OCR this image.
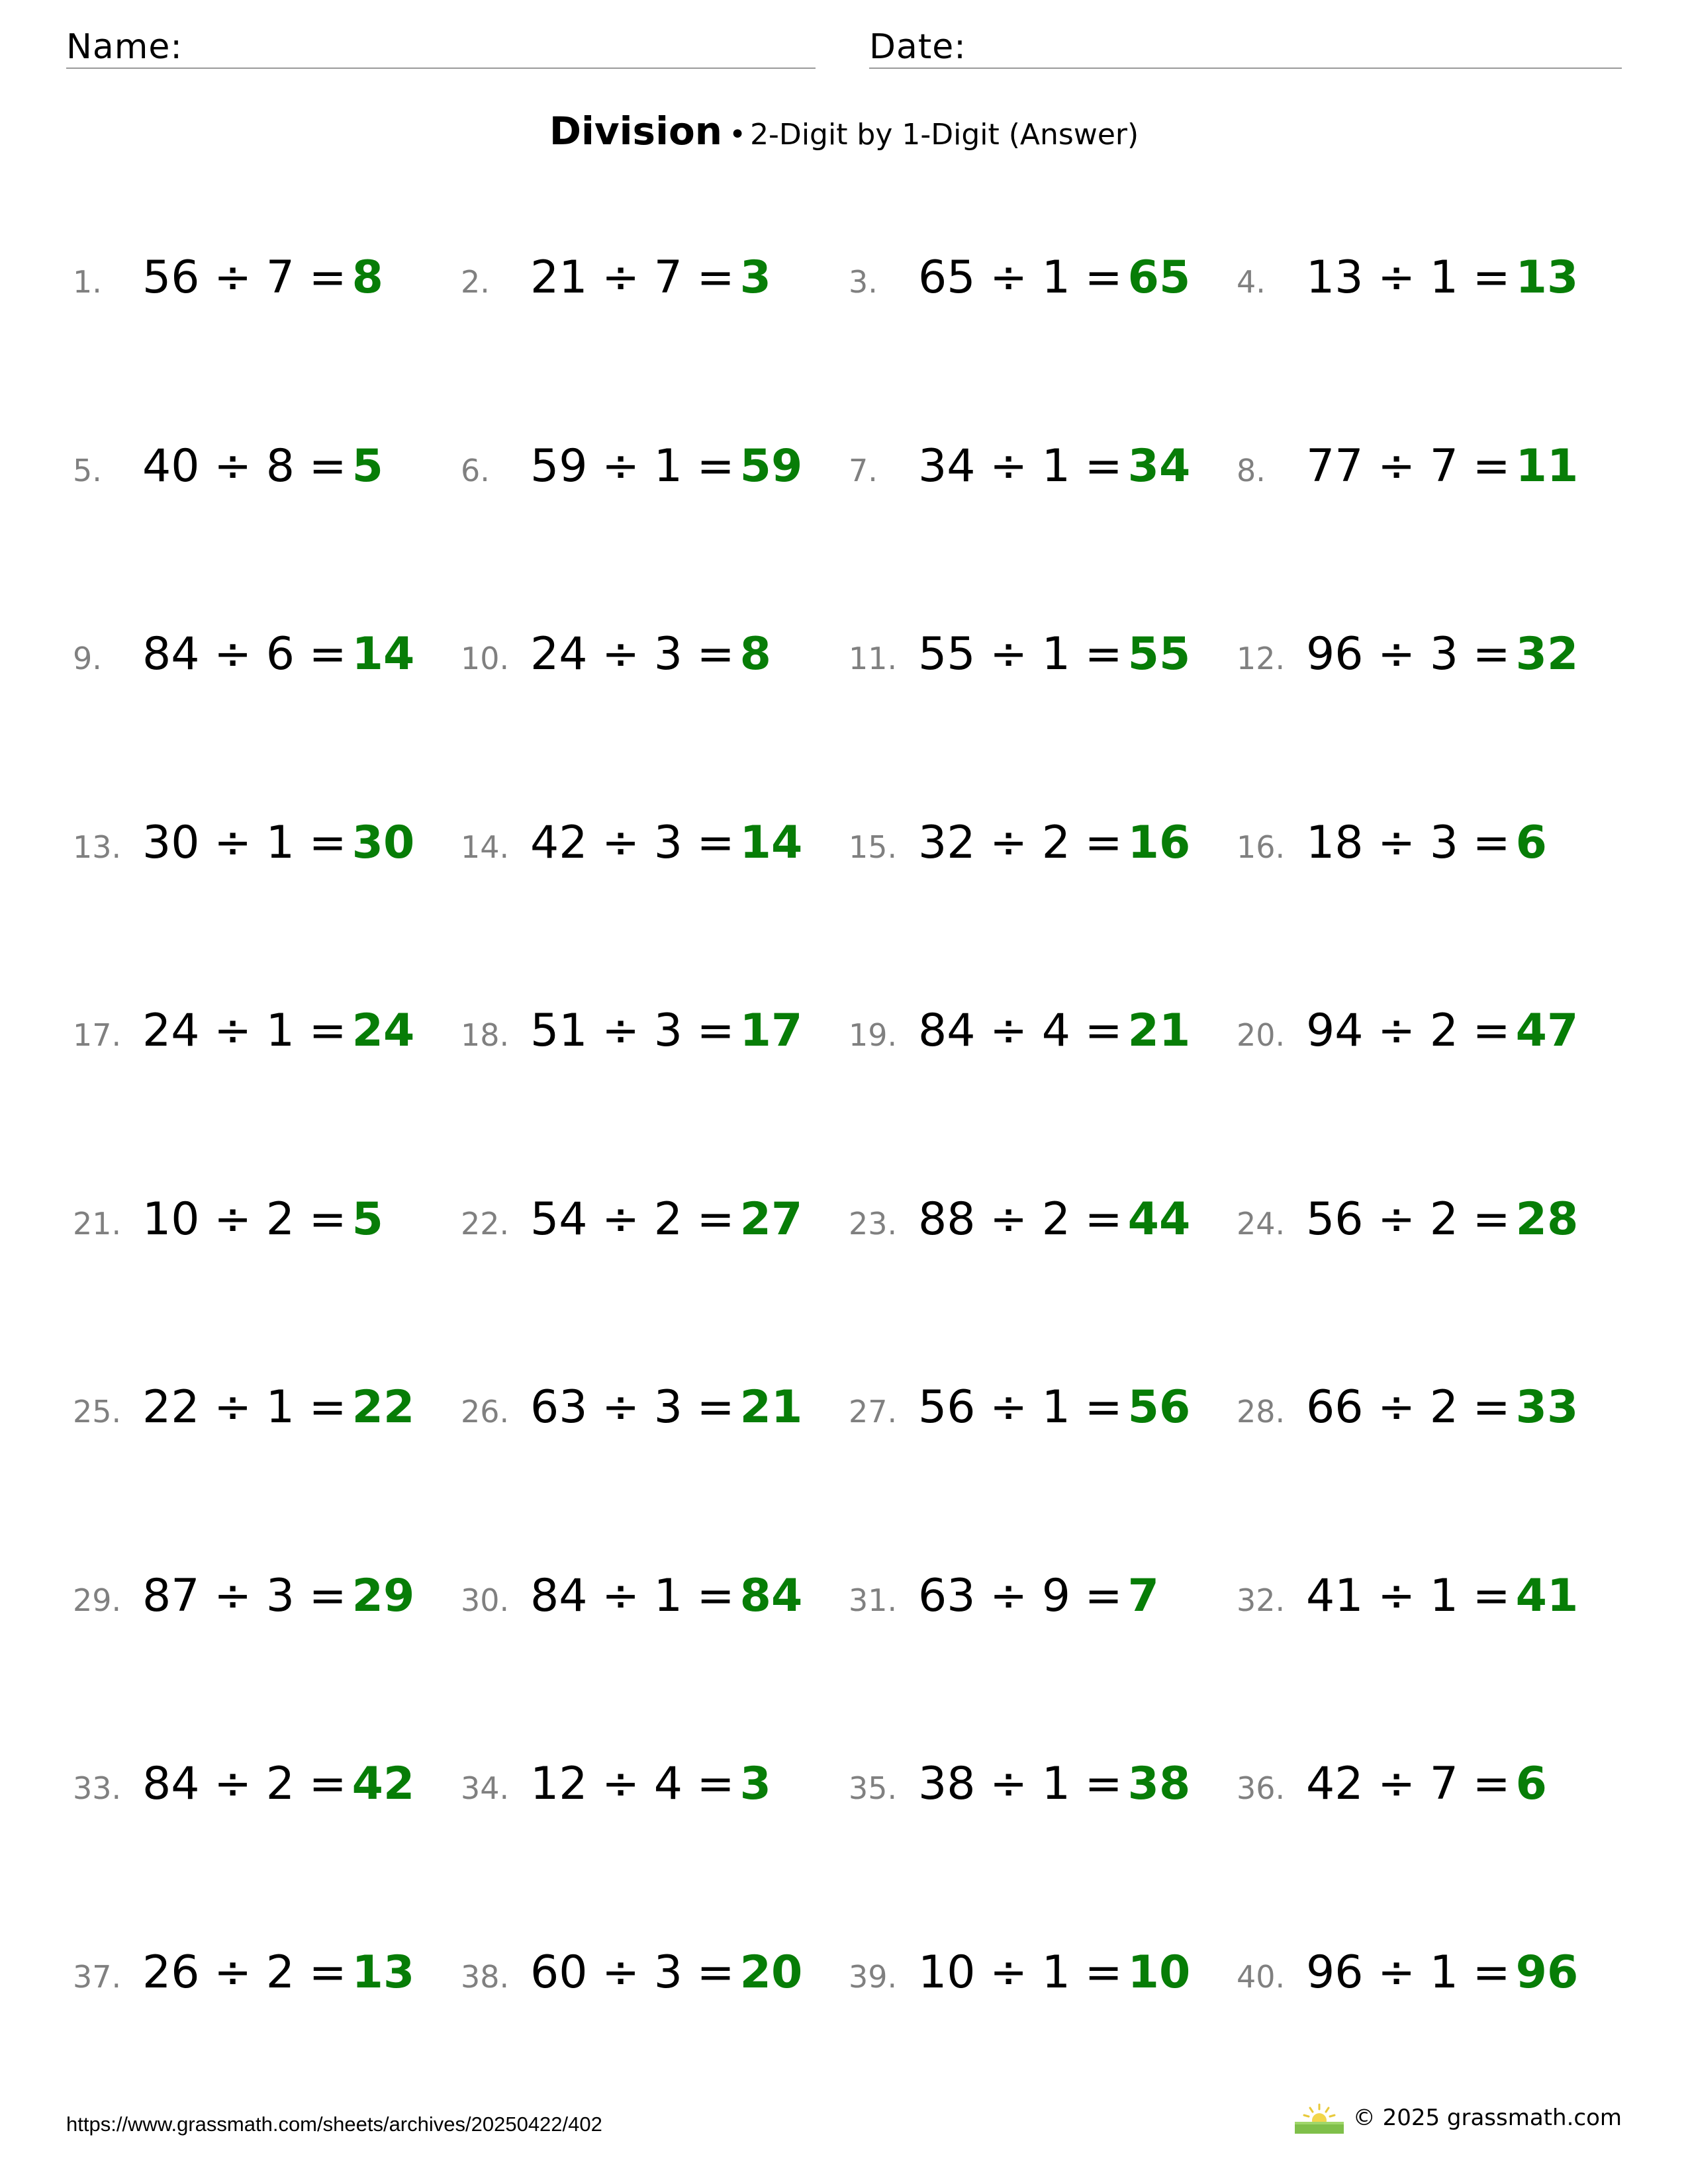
Name:	Date:
Division • 2-Digit by 1-Digit (Answer)
1. 56 ÷ 7 = 8	2. 21 ÷ 7 = 3	3. 65 ÷ 1 = 65 4. 13 ÷ 1 = 13
5. 40 ÷ 8 = 5	6. 59 ÷ 1 = 59 7. 34 ÷ 1 = 34 8. 77 ÷ 7 = 11
9. 84 ÷ 6 = 14 10. 24 ÷ 3 = 8	11. 55 ÷ 1 = 55 12. 96 ÷ 3 = 32
13. 30 ÷ 1 = 30 14. 42 ÷ 3 = 14 15. 32 ÷ 2 = 16 16. 18 ÷ 3 = 6
17. 24 ÷ 1 = 24 18. 51 ÷ 3 = 17 19. 84 ÷ 4 = 21 20. 94 ÷ 2 = 47
21. 10 ÷ 2 = 5	22. 54 ÷ 2 = 27 23. 88 ÷ 2 = 44 24. 56 ÷ 2 = 28
25. 22 ÷ 1 = 22 26. 63 ÷ 3 = 21 27. 56 ÷ 1 = 56 28. 66 ÷ 2 = 33
29. 87 ÷ 3 = 29 30. 84 ÷ 1 = 84 31. 63 ÷ 9 = 7	32. 41 ÷ 1 = 41
33. 84 ÷ 2 = 42 34. 12 ÷ 4 = 3	35. 38 ÷ 1 = 38 36. 42 ÷ 7 = 6
37. 26 ÷ 2 = 13 38. 60 ÷ 3 = 20 39. 10 ÷ 1 = 10 40. 96 ÷ 1 = 96
https://www.grassmath.com/sheets/archives/20250422/402	© 2025 grassmath.com
